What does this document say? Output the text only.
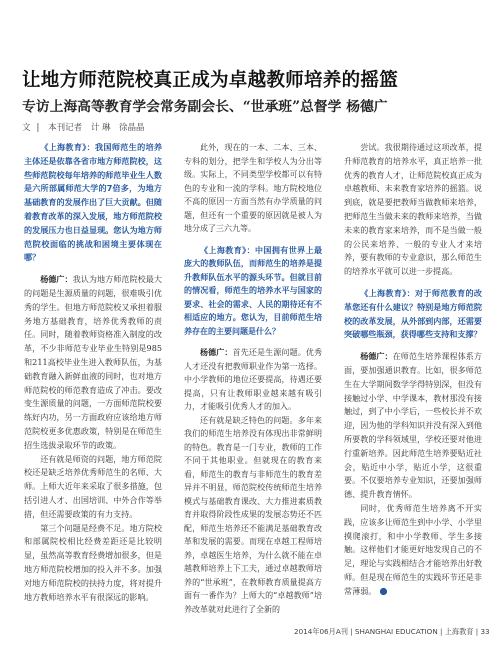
让地方师范院校真正成为卓越教师培养的摇篮
专访上海高等教育学会常务副会长、“世承班”总督学 杨德广
文 | 本刊记者 计 琳　徐晶晶

《上海教育》：我国师范生的培养主体还是依靠各省市地方师范院校，这些师范院校每年培养的师范毕业生人数是六所部属师范大学的7倍多，为地方基础教育的发展作出了巨大贡献。但随着教育改革的深入发展，地方师范院校的发展压力也日益显现。您认为地方师范院校面临的挑战和困境主要体现在哪？

杨德广：我认为地方师范院校最大的问题是生源质量的问题，很难吸引优秀的学生。但地方师范院校又承担着服务地方基础教育，培养优秀教师的责任。同时，随着教师资格准入制度的改革，不少非师范专业毕业生特别是985和211高校毕业生进入教师队伍，为基础教育融入新鲜血液的同时，也对地方师范院校的师范教育造成了冲击。要改变生源质量的问题，一方面师范院校要练好内功，另一方面政府应该给地方师范院校更多优惠政策，特别是在师范生招生选拔录取环节的政策。

还有就是师资的问题，地方师范院校还是缺乏培养优秀师范生的名师、大师。上师大近年来采取了很多措施，包括引进人才、出国培训、中外合作等举措，但还需要政策的有力支持。

第三个问题是经费不足。地方院校和部属院校相比经费差距还是比较明显，虽然高等教育经费增加很多，但是地方师范院校增加的投入并不多。加强对地方师范院校的扶持力度，将对提升地方教师培养水平有很深远的影响。

此外，现在的一本、二本、三本、专科的划分，把学生和学校人为分出等级。实际上，不同类型学校都可以有特色的专业和一流的学科。地方院校地位不高的原因一方面当然有办学质量的问题，但还有一个重要的原因就是被人为地分成了三六九等。

《上海教育》：中国拥有世界上最庞大的教师队伍，而师范生的培养是提升教师队伍水平的源头环节。但就目前的情况看，师范生的培养水平与国家的要求、社会的需求、人民的期待还有不相适应的地方。您认为，目前师范生培养存在的主要问题是什么？

杨德广：首先还是生源问题。优秀人才还没有把教师职业作为第一选择。中小学教师的地位还要提高，待遇还要提高，只有让教师职业越来越有吸引力，才能吸引优秀人才的加入。

还有就是缺乏特色的问题。多年来我们的师范生培养没有体现出非常鲜明的特色。教育是一门专业，教师的工作不同于其他职业。但就现在的教育来看，师范生的教育与非师范生的教育差异并不明显，师范院校传统师范生培养模式与基础教育课改、大力推进素质教育并取得阶段性成果的发展态势还不匹配，师范生培养还不能满足基础教育改革和发展的需要。而现在卓越工程师培养，卓越医生培养，为什么就不能在卓越教师培养上下工夫，通过卓越教师培养的“世承班”，在教师教育质量提高方面有一番作为？上师大的“卓越教师”培养改革就对此进行了全新的

尝试。我很期待通过这项改革，提升师范教育的培养水平，真正培养一批优秀的教育人才，让师范院校真正成为卓越教师、未来教育家培养的摇篮。说到底，就是要把教师当做教师来培养，把师范生当做未来的教师来培养，当做未来的教育家来培养，而不是当做一般的公民来培养、一般的专业人才来培养，要有教师的专业意识，那么师范生的培养水平就可以进一步提高。

《上海教育》：对于师范教育的改革您还有什么建议？特别是地方师范院校的改革发展，从外部到内部，还需要突破哪些瓶颈，获得哪些支持和支撑？

杨德广：在师范生培养课程体系方面，要加强通识教育。比如，很多师范生在大学期间数学学得特别深，但没有接触过小学、中学课本，教材那没有接触过，到了中小学后，一些校长并不欢迎，因为他的学科知识并没有深入到他所要教的学科领域里，学校还要对他进行重新培养。因此师范生培养要贴近社会，贴近中小学，贴近小学，这很重要。不仅要培养专业知识，还要加强师德、提升教育情怀。

同时，优秀师范生培养离不开实践，应该多让师范生到中小学、小学里摸爬滚打，和中小学教师、学生多接触。这样他们才能更好地发现自己的不足，理论与实践相结合才能培养出好教师。但是现在师范生的实践环节还是非常薄弱。

2014年06月A刊 | SHANGHAI EDUCATION | 上海教育 | 33
